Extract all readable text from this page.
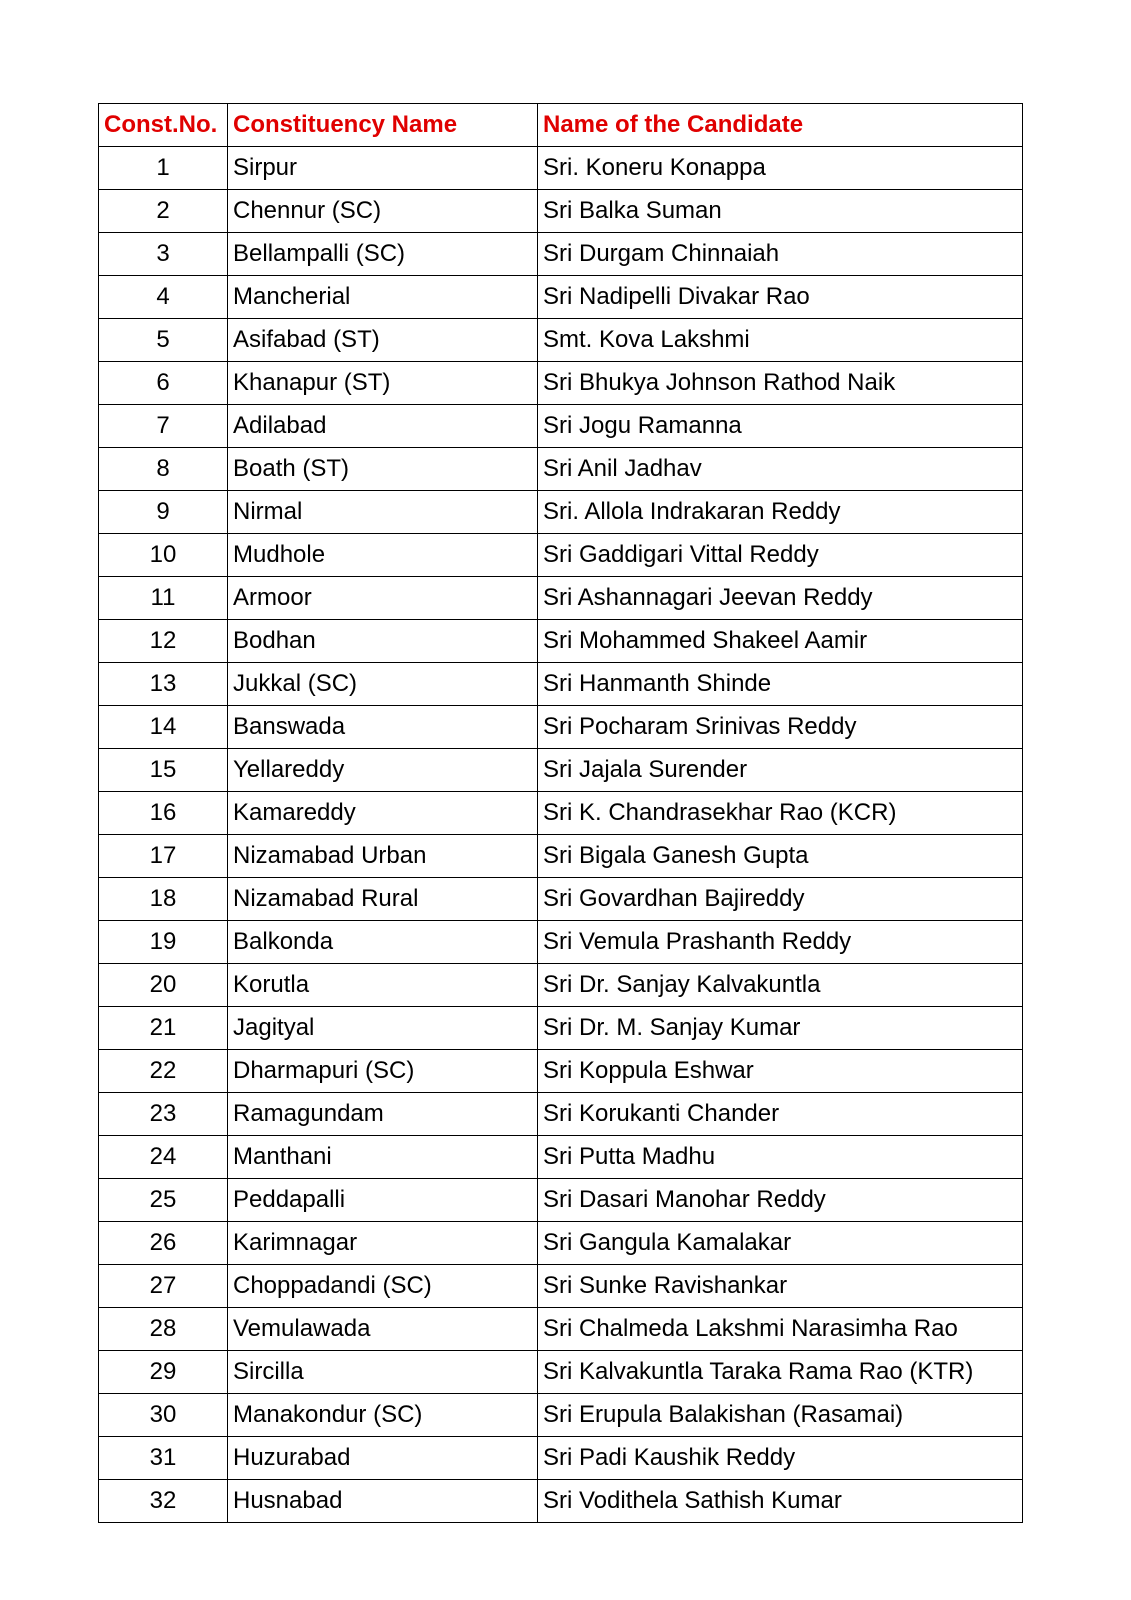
Const.No.	Constituency Name	Name of the Candidate
1	Sirpur	Sri. Koneru Konappa
2	Chennur (SC)	Sri Balka Suman
3	Bellampalli (SC)	Sri Durgam Chinnaiah
4	Mancherial	Sri Nadipelli Divakar Rao
5	Asifabad (ST)	Smt. Kova Lakshmi
6	Khanapur (ST)	Sri Bhukya Johnson Rathod Naik
7	Adilabad	Sri Jogu Ramanna
8	Boath (ST)	Sri Anil Jadhav
9	Nirmal	Sri. Allola Indrakaran Reddy
10	Mudhole	Sri Gaddigari Vittal Reddy
11	Armoor	Sri Ashannagari Jeevan Reddy
12	Bodhan	Sri Mohammed Shakeel Aamir
13	Jukkal (SC)	Sri Hanmanth Shinde
14	Banswada	Sri Pocharam Srinivas Reddy
15	Yellareddy	Sri Jajala Surender
16	Kamareddy	Sri K. Chandrasekhar Rao (KCR)
17	Nizamabad Urban	Sri Bigala Ganesh Gupta
18	Nizamabad Rural	Sri Govardhan Bajireddy
19	Balkonda	Sri Vemula Prashanth Reddy
20	Korutla	Sri Dr. Sanjay Kalvakuntla
21	Jagityal	Sri Dr. M. Sanjay Kumar
22	Dharmapuri (SC)	Sri Koppula Eshwar
23	Ramagundam	Sri Korukanti Chander
24	Manthani	Sri Putta Madhu
25	Peddapalli	Sri Dasari Manohar Reddy
26	Karimnagar	Sri Gangula Kamalakar
27	Choppadandi (SC)	Sri Sunke Ravishankar
28	Vemulawada	Sri Chalmeda Lakshmi Narasimha Rao
29	Sircilla	Sri Kalvakuntla Taraka Rama Rao (KTR)
30	Manakondur (SC)	Sri Erupula Balakishan (Rasamai)
31	Huzurabad	Sri Padi Kaushik Reddy
32	Husnabad	Sri Vodithela Sathish Kumar
